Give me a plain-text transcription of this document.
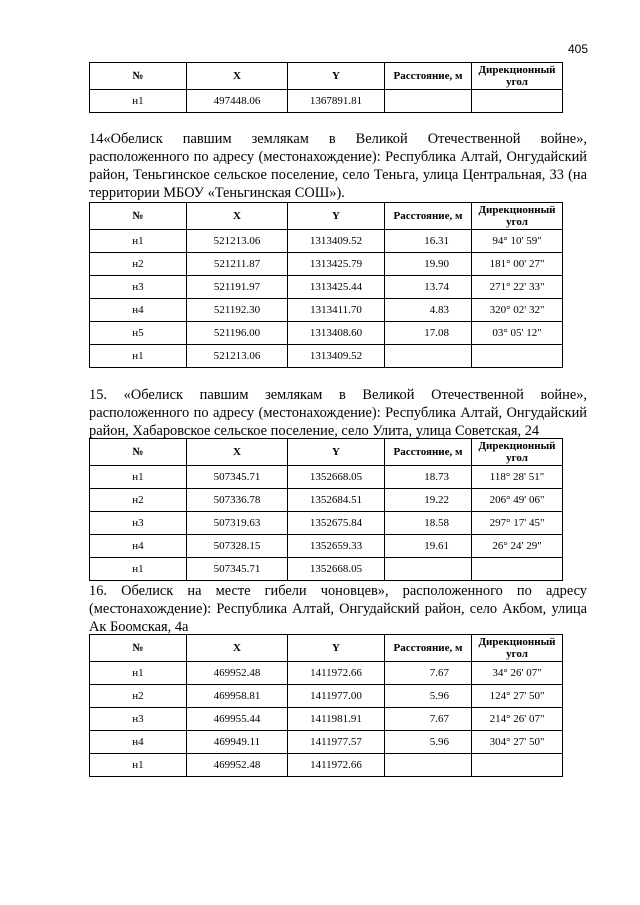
405
№	X	Y	Расстояние, м	Дирекционный угол
н1	497448.06	1367891.81		
14«Обелиск павшим землякам в Великой Отечественной войне», расположенного по адресу (местонахождение): Республика Алтай, Онгудайский район, Теньгинское сельское поселение, село Теньга, улица Центральная, 33 (на территории МБОУ «Теньгинская СОШ»).
№	X	Y	Расстояние, м	Дирекционный угол
н1	521213.06	1313409.52	16.31	94° 10' 59"
н2	521211.87	1313425.79	19.90	181° 00' 27"
н3	521191.97	1313425.44	13.74	271° 22' 33"
н4	521192.30	1313411.70	4.83	320° 02' 32"
н5	521196.00	1313408.60	17.08	03° 05' 12"
н1	521213.06	1313409.52		
15. «Обелиск павшим землякам в Великой Отечественной войне», расположенного по адресу (местонахождение): Республика Алтай, Онгудайский район, Хабаровское сельское поселение, село Улита, улица Советская, 24
№	X	Y	Расстояние, м	Дирекционный угол
н1	507345.71	1352668.05	18.73	118° 28' 51"
н2	507336.78	1352684.51	19.22	206° 49' 06"
н3	507319.63	1352675.84	18.58	297° 17' 45"
н4	507328.15	1352659.33	19.61	26° 24' 29"
н1	507345.71	1352668.05		
16. Обелиск на месте гибели чоновцев», расположенного по адресу (местонахождение): Республика Алтай, Онгудайский район, село Акбом, улица Ак Боомская, 4а
№	X	Y	Расстояние, м	Дирекционный угол
н1	469952.48	1411972.66	7.67	34° 26' 07"
н2	469958.81	1411977.00	5.96	124° 27' 50"
н3	469955.44	1411981.91	7.67	214° 26' 07"
н4	469949.11	1411977.57	5.96	304° 27' 50"
н1	469952.48	1411972.66		
